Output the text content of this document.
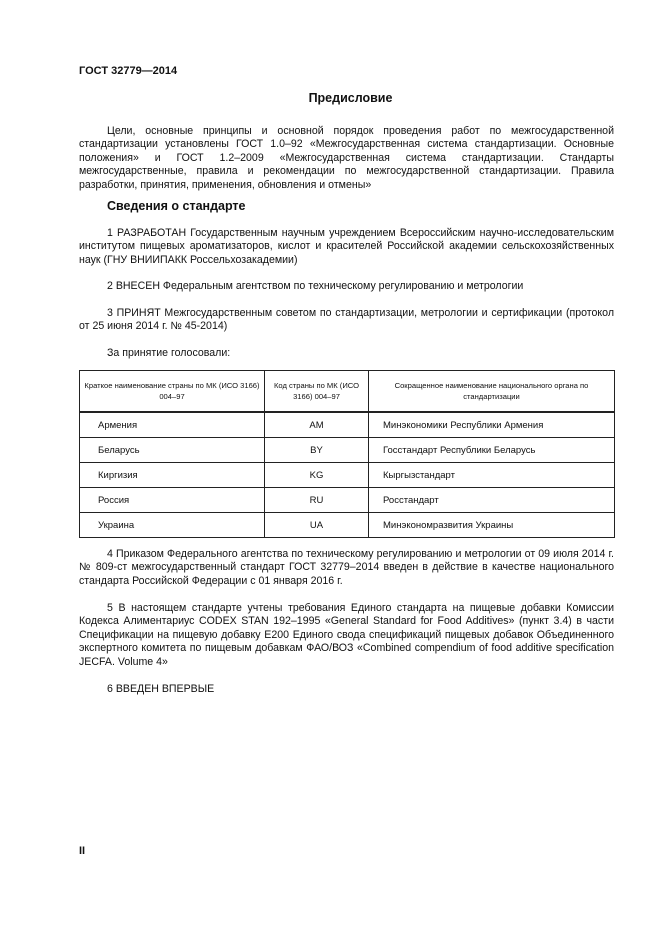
ГОСТ 32779—2014
Предисловие

Цели, основные принципы и основной порядок проведения работ по межгосударственной стандартизации установлены ГОСТ 1.0–92 «Межгосударственная система стандартизации. Основные положения» и ГОСТ 1.2–2009 «Межгосударственная система стандартизации. Стандарты межгосударственные, правила и рекомендации по межгосударственной стандартизации. Правила разработки, принятия, применения, обновления и отмены»

Сведения о стандарте

1 РАЗРАБОТАН Государственным научным учреждением Всероссийским научно-исследовательским институтом пищевых ароматизаторов, кислот и красителей Российской академии сельскохозяйственных наук (ГНУ ВНИИПАКК Россельхозакадемии)

2 ВНЕСЕН Федеральным агентством по техническому регулированию и метрологии

3 ПРИНЯТ Межгосударственным советом по стандартизации, метрологии и сертификации (протокол от 25 июня 2014 г. № 45-2014)

За принятие голосовали:

Краткое наименование страны по МК (ИСО 3166) 004–97	Код страны по МК (ИСО 3166) 004–97	Сокращенное наименование национального органа по стандартизации
Армения	AM	Минэкономики Республики Армения
Беларусь	BY	Госстандарт Республики Беларусь
Киргизия	KG	Кыргызстандарт
Россия	RU	Росстандарт
Украина	UA	Минэкономразвития Украины

4 Приказом Федерального агентства по техническому регулированию и метрологии от 09 июля 2014 г. № 809-ст межгосударственный стандарт ГОСТ 32779–2014 введен в действие в качестве национального стандарта Российской Федерации с 01 января 2016 г.

5 В настоящем стандарте учтены требования Единого стандарта на пищевые добавки Комиссии Кодекса Алиментариус CODEX STAN 192–1995 «General Standard for Food Additives» (пункт 3.4) в части Спецификации на пищевую добавку Е200 Единого свода спецификаций пищевых добавок Объединенного экспертного комитета по пищевым добавкам ФАО/ВОЗ «Combined compendium of food additive specification JECFA. Volume 4»

6 ВВЕДЕН ВПЕРВЫЕ

II
